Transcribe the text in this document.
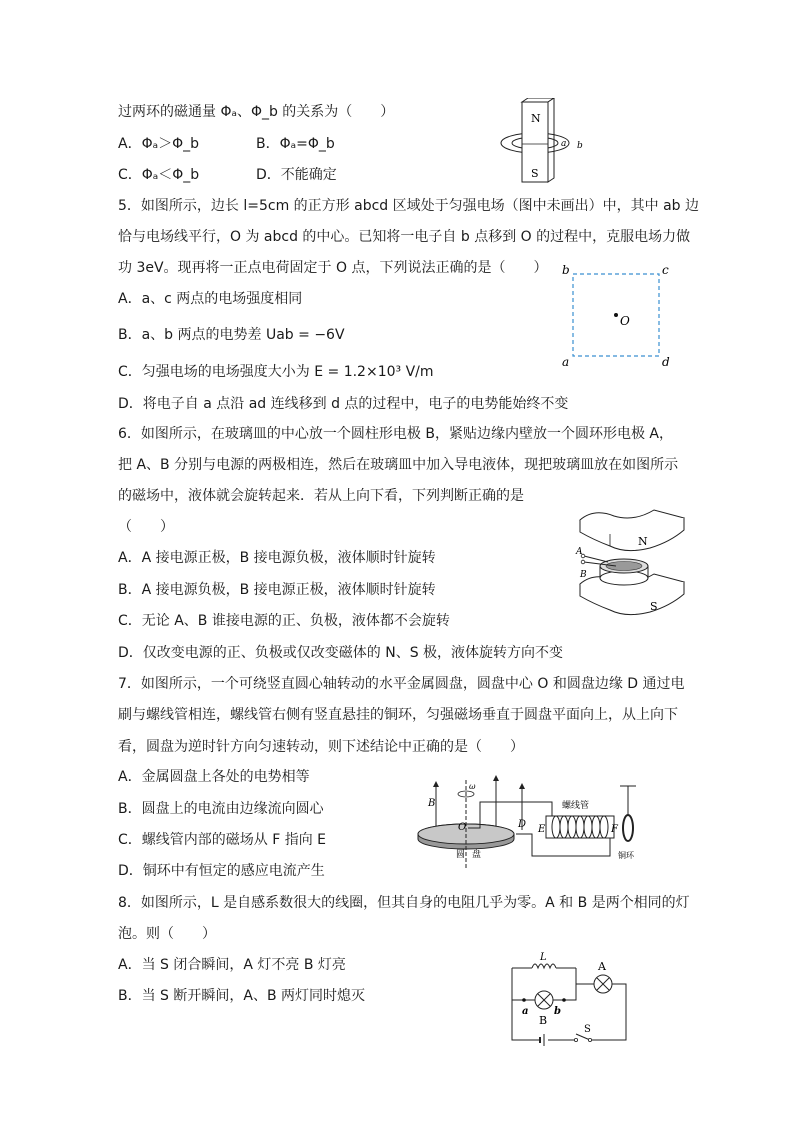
过两环的磁通量 Φₐ、Φ_b 的关系为（　　）
A．Φₐ＞Φ_b	B．Φₐ=Φ_b
C．Φₐ＜Φ_b	D．不能确定
N
S
a b
5．如图所示，边长 l=5cm 的正方形 abcd 区域处于匀强电场（图中未画出）中，其中 ab 边
恰与电场线平行，O 为 abcd 的中心。已知将一电子自 b 点移到 O 的过程中，克服电场力做
功 3eV。现再将一正点电荷固定于 O 点，下列说法正确的是（　　）
A．a、c 两点的电场强度相同
B．a、b 两点的电势差 Uab = −6V
C．匀强电场的电场强度大小为 E = 1.2×10³ V/m
D．将电子自 a 点沿 ad 连线移到 d 点的过程中，电子的电势能始终不变
b	c
a	d
O
6．如图所示，在玻璃皿的中心放一个圆柱形电极 B，紧贴边缘内壁放一个圆环形电极 A，
把 A、B 分别与电源的两极相连，然后在玻璃皿中加入导电液体，现把玻璃皿放在如图所示
的磁场中，液体就会旋转起来．若从上向下看，下列判断正确的是
（　　）
A．A 接电源正极，B 接电源负极，液体顺时针旋转
B．A 接电源负极，B 接电源正极，液体顺时针旋转
C．无论 A、B 谁接电源的正、负极，液体都不会旋转
D．仅改变电源的正、负极或仅改变磁体的 N、S 极，液体旋转方向不变
N
S
A
B
7．如图所示，一个可绕竖直圆心轴转动的水平金属圆盘，圆盘中心 O 和圆盘边缘 D 通过电
刷与螺线管相连，螺线管右侧有竖直悬挂的铜环，匀强磁场垂直于圆盘平面向上，从上向下
看，圆盘为逆时针方向匀速转动，则下述结论中正确的是（　　）
A．金属圆盘上各处的电势相等
B．圆盘上的电流由边缘流向圆心
C．螺线管内部的磁场从 F 指向 E
D．铜环中有恒定的感应电流产生
B
ω
O
圆 盘
D E	F
螺线管
铜环
8．如图所示，L 是自感系数很大的线圈，但其自身的电阻几乎为零。A 和 B 是两个相同的灯
泡。则（　　）
A．当 S 闭合瞬间，A 灯不亮 B 灯亮
B．当 S 断开瞬间，A、B 两灯同时熄灭
L
A
B
a	b
S
